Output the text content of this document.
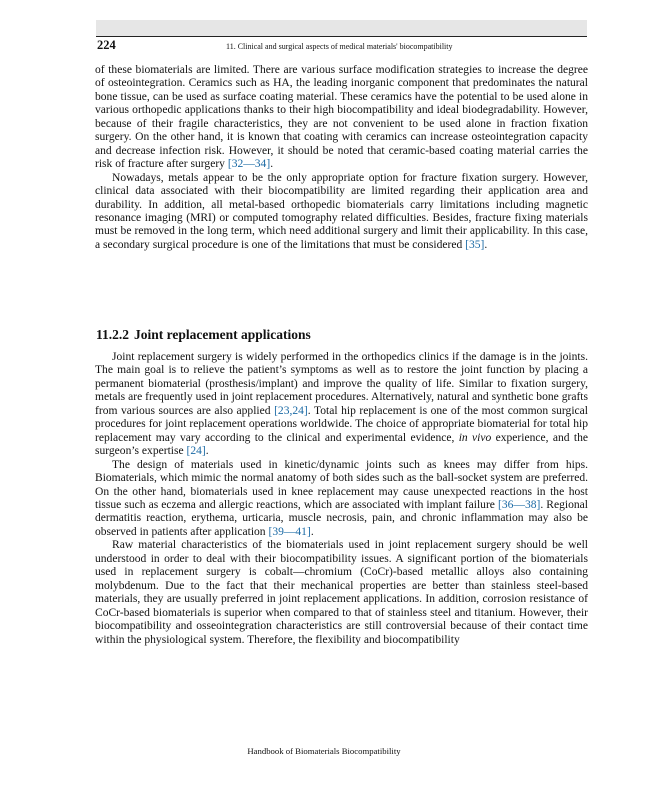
224	11. Clinical and surgical aspects of medical materials' biocompatibility

of these biomaterials are limited. There are various surface modification strategies to increase the degree of osteointegration. Ceramics such as HA, the leading inorganic component that predominates the natural bone tissue, can be used as surface coating material. These ceramics have the potential to be used alone in various orthopedic applications thanks to their high biocompatibility and ideal biodegradability. However, because of their fragile characteristics, they are not convenient to be used alone in fraction fixation surgery. On the other hand, it is known that coating with ceramics can increase osteointegration capacity and decrease infection risk. However, it should be noted that ceramic-based coating material carries the risk of fracture after surgery [32—34].

Nowadays, metals appear to be the only appropriate option for fracture fixation surgery. However, clinical data associated with their biocompatibility are limited regarding their application area and durability. In addition, all metal-based orthopedic biomaterials carry limitations including magnetic resonance imaging (MRI) or computed tomography related difficulties. Besides, fracture fixing materials must be removed in the long term, which need additional surgery and limit their applicability. In this case, a secondary surgical procedure is one of the limitations that must be considered [35].

11.2.2 Joint replacement applications

Joint replacement surgery is widely performed in the orthopedics clinics if the damage is in the joints. The main goal is to relieve the patient’s symptoms as well as to restore the joint function by placing a permanent biomaterial (prosthesis/implant) and improve the quality of life. Similar to fixation surgery, metals are frequently used in joint replacement procedures. Alternatively, natural and synthetic bone grafts from various sources are also applied [23,24]. Total hip replacement is one of the most common surgical procedures for joint replacement operations worldwide. The choice of appropriate biomaterial for total hip replacement may vary according to the clinical and experimental evidence, in vivo experience, and the surgeon’s expertise [24].

The design of materials used in kinetic/dynamic joints such as knees may differ from hips. Biomaterials, which mimic the normal anatomy of both sides such as the ball-socket system are preferred. On the other hand, biomaterials used in knee replacement may cause unexpected reactions in the host tissue such as eczema and allergic reactions, which are associated with implant failure [36—38]. Regional dermatitis reaction, erythema, urticaria, muscle necrosis, pain, and chronic inflammation may also be observed in patients after application [39—41].

Raw material characteristics of the biomaterials used in joint replacement surgery should be well understood in order to deal with their biocompatibility issues. A significant portion of the biomaterials used in replacement surgery is cobalt—chromium (CoCr)-based metallic alloys also containing molybdenum. Due to the fact that their mechanical properties are better than stainless steel-based materials, they are usually preferred in joint replacement applications. In addition, corrosion resistance of CoCr-based biomaterials is superior when compared to that of stainless steel and titanium. However, their biocompatibility and osseointegration characteristics are still controversial because of their contact time within the physiological system. Therefore, the flexibility and biocompatibility

Handbook of Biomaterials Biocompatibility
